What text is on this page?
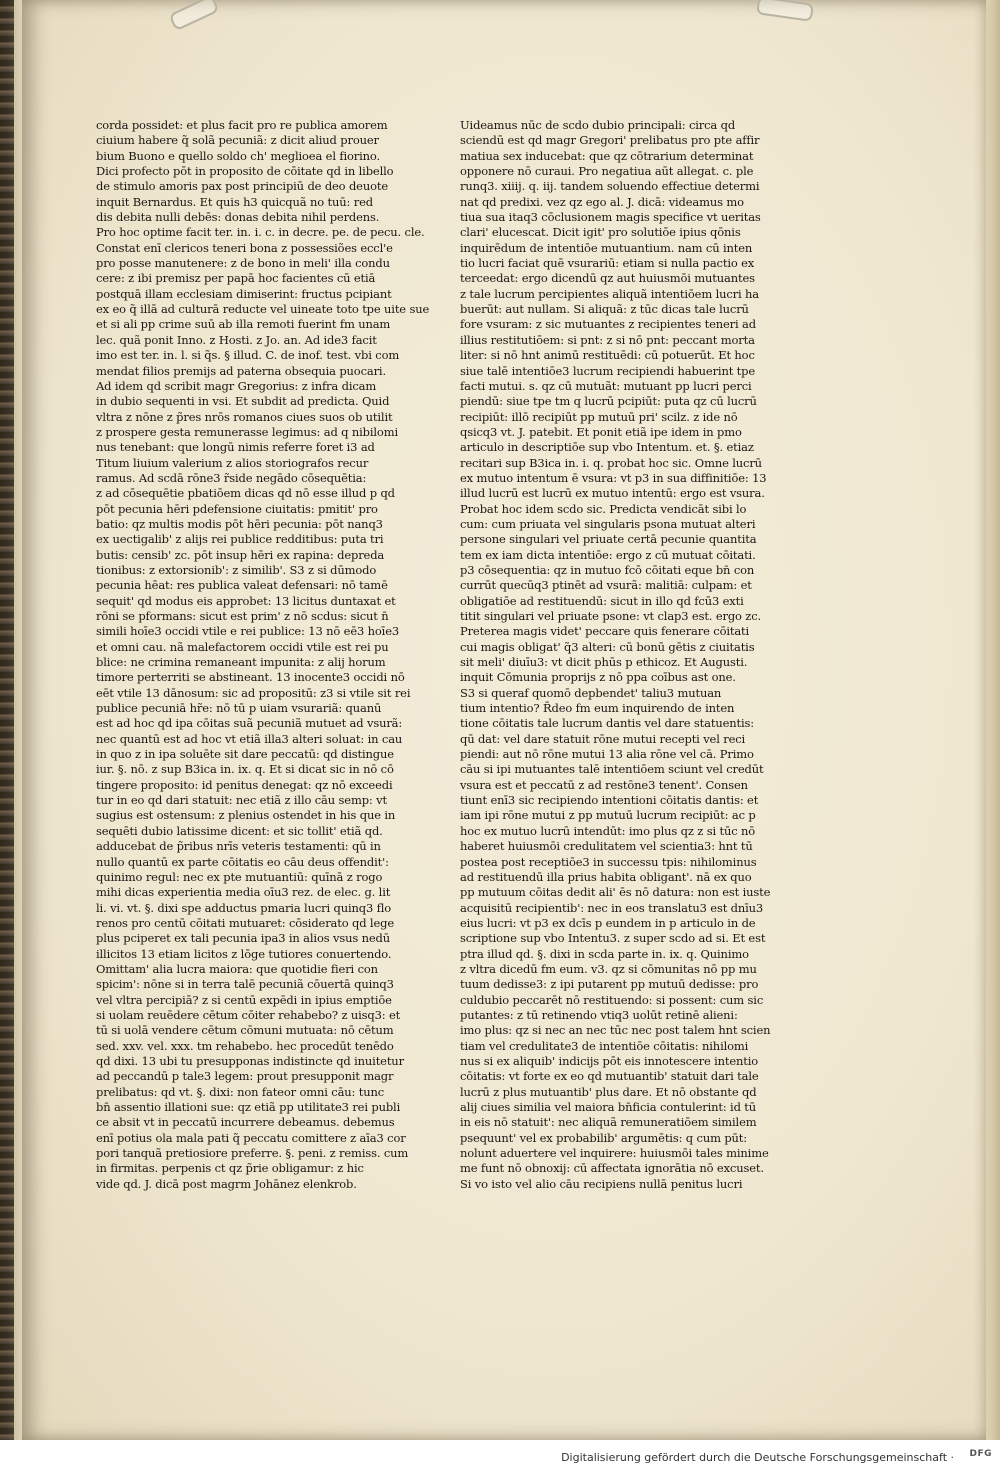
corda possidet: et plus facit pro re publica amorem
ciuium habere q̃ solã pecuniã: z dicit aliud prouer
bium Buono e quello soldo ch' meglioea el fiorino.
Dici profecto pōt in proposito de cōitate qd in libello
de stimulo amoris pax post principiū de deo deuote
inquit Bernardus. Et quis h3 quicquã no tuū: red
dis debita nulli debēs: donas debita nihil perdens.
Pro hoc optime facit ter. in. i. c. in decre. pe. de pecu. cle.
Constat enī clericos teneri bona z possessiões eccl'e
pro posse manutenere: z de bono in meli' illa condu
cere: z ibi premisz per papā hoc facientes cū etiā
postquā illam ecclesiam dimiserint: fructus pcipiant
ex eo q̃ illā ad culturā reducte vel uineate toto tpe uite sue
et si ali pp crime suū ab illa remoti fuerint fm unam
lec. quã ponit Inno. z Hosti. z Jo. an. Ad ide3 facit
imo est ter. in. l. si q̃s. § illud. C. de inof. test. vbi com
mendat filios premijs ad paterna obsequia puocari.
Ad idem qd scribit magr Gregorius: z infra dicam
in dubio sequenti in vsi. Et subdit ad predicta. Quid
vltra z nōne z p̃res nrōs romanos ciues suos ob utilit
z prospere gesta remunerasse legimus: ad q nibilomi
nus tenebant: que longū nimis referre foret i3 ad
Titum liuium valerium z alios storiografos recur
ramus. Ad scdā rōne3 r̃side negādo cōsequētia:
z ad cōsequētie pbatiōem dicas qd nō esse illud p qd
pōt pecunia hēri pdefensione ciuitatis: pmitit' pro
batio: qz multis modis pōt hēri pecunia: pōt nanq3
ex uectigalib' z alijs rei publice redditibus: puta tri
butis: censib' zc. pōt insup hēri ex rapina: depreda
tionibus: z extorsionib': z similib'. S3 z si dūmodo
pecunia hēat: res publica valeat defensari: nō tamē
sequit' qd modus eis approbet: 13 licitus duntaxat et
rōni se pformans: sicut est prim' z nō scdus: sicut n̄
simili hoīe3 occidi vtile e rei publice: 13 nō eē3 hoīe3
et omni cau. nã malefactorem occidi vtile est rei pu
blice: ne crimina remaneant impunita: z alij horum
timore perterriti se abstineant. 13 inocente3 occidi nō
eēt vtile 13 dānosum: sic ad propositū: z3 si vtile sit rei
publice pecuniā hr̃e: nō tū p uiam vsurariã: quanū
est ad hoc qd ipa cōitas suã pecuniã mutuet ad vsurã:
nec quantū est ad hoc vt etiã illa3 alteri soluat: in cau
in quo z in ipa soluēte sit dare peccatū: qd distingue
iur. §. nō. z sup B3ica in. ix. q. Et si dicat sic in nō cō
tingere proposito: id penitus denegat: qz nō exceedi
tur in eo qd dari statuit: nec etiã z illo cāu semp: vt
sugius est ostensum: z plenius ostendet in his que in
sequēti dubio latissime dicent: et sic tollit' etiã qd.
adducebat de p̃ribus nrīs veteris testamenti: qū in
nullo quantū ex parte cōitatis eo cāu deus offendit':
quinimo regul: nec ex pte mutuantiū: quīnā z rogo
mihi dicas experientia media oīu3 rez. de elec. g. lit
li. vi. vt. §. dixi spe adductus pmaria lucri quinq3 flo
renos pro centū cōitati mutuaret: cōsiderato qd lege
plus pciperet ex tali pecunia ipa3 in alios vsus nedū
illicitos 13 etiam licitos z lōge tutiores conuertendo.
Omittam' alia lucra maiora: que quotidie fieri con
spicim': nōne si in terra talē pecuniã cōuertā quinq3
vel vltra percipiā? z si centū expēdi in ipius emptiōe
si uolam reuēdere cētum cōiter rehabebo? z uisq3: et
tū si uolā vendere cētum cōmuni mutuata: nō cētum
sed. xxv. vel. xxx. tm rehabebo. hec procedūt tenēdo
qd dixi. 13 ubi tu presupponas indistincte qd inuitetur
ad peccandū p tale3 legem: prout presupponit magr
prelibatus: qd vt. §. dixi: non fateor omni cāu: tunc
bn̄ assentio illationi sue: qz etiã pp utilitate3 rei publi
ce absit vt in peccatū incurrere debeamus. debemus
enī potius ola mala pati q̃ peccatu comittere z aīa3 cor
pori tanquã pretiosiore preferre. §. peni. z remiss. cum
in firmitas. perpenis ct qz p̃rie obligamur: z hic
vide qd. J. dicā post magrm Johānez elenkrob.
Uideamus nūc de scdo dubio principali: circa qd
sciendū est qd magr Gregori' prelibatus pro pte affir
matiua sex inducebat: que qz cōtrarium determinat
opponere nō curaui. Pro negatiua aūt allegat. c. ple
runq3. xiiij. q. iij. tandem soluendo effectiue determi
nat qd predixi. vez qz ego al. J. dicā: videamus mo
tiua sua itaq3 cōclusionem magis specifice vt ueritas
clari' elucescat. Dicit igit' pro solutiōe ipius qōnis
inquirēdum de intentiōe mutuantium. nam cū inten
tio lucri faciat quē vsurariū: etiam si nulla pactio ex
terceedat: ergo dicendū qz aut huiusmōi mutuantes
z tale lucrum percipientes aliquã intentiōem lucri ha
buerūt: aut nullam. Si aliquã: z tūc dicas tale lucrū
fore vsuram: z sic mutuantes z recipientes teneri ad
illius restitutiōem: si pnt: z si nō pnt: peccant morta
liter: si nō hnt animū restituēdi: cū potuerūt. Et hoc
siue talē intentiōe3 lucrum recipiendi habuerint tpe
facti mutui. s. qz cū mutuãt: mutuant pp lucri perci
piendū: siue tpe tm q lucrū pcipiūt: puta qz cū lucrū
recipiūt: illō recipiūt pp mutuū pri' scilz. z ide nō
qsicq3 vt. J. patebit. Et ponit etiã ipe idem in pmo
articulo in descriptiōe sup vbo Intentum. et. §. etiaz
recitari sup B3ica in. i. q. probat hoc sic. Omne lucrū
ex mutuo intentum ē vsura: vt p3 in sua diffinitiōe: 13
illud lucrū est lucrū ex mutuo intentū: ergo est vsura.
Probat hoc idem scdo sic. Predicta vendicāt sibi lo
cum: cum priuata vel singularis psona mutuat alteri
persone singulari vel priuate certā pecunie quantita
tem ex iam dicta intentiōe: ergo z cū mutuat cōitati.
p3 cōsequentia: qz in mutuo fcō cōitati eque bn̄ con
currūt quecūq3 ptinēt ad vsurã: malitiā: culpam: et
obligatiōe ad restituendū: sicut in illo qd fcū3 exti
titit singulari vel priuate psone: vt clap3 est. ergo zc.
Preterea magis videt' peccare quis fenerare cōitati
cui magis obligat' q̃3 alteri: cū bonū gētis z ciuitatis
sit meli' diuīu3: vt dicit phūs p ethicoz. Et Augusti.
inquit Cōmunia proprijs z nō ppa coībus ast one.
S3 si queraf quomō depbendet' taliu3 mutuan
tium intentio? R̄deo fm eum inquirendo de inten
tione cōitatis tale lucrum dantis vel dare statuentis:
qū dat: vel dare statuit rōne mutui recepti vel reci
piendi: aut nō rōne mutui 13 alia rōne vel cā. Primo
cāu si ipi mutuantes talē intentiōem sciunt vel credūt
vsura est et peccatū z ad restōne3 tenent'. Consen
tiunt enī3 sic recipiendo intentioni cōitatis dantis: et
iam ipi rōne mutui z pp mutuū lucrum recipiūt: ac p
hoc ex mutuo lucrū intendūt: imo plus qz z si tūc nō
haberet huiusmōi credulitatem vel scientia3: hnt tū
postea post receptiōe3 in successu tpis: nihilominus
ad restituendū illa prius habita obligant'. nā ex quo
pp mutuum cōitas dedit ali' ēs nō datura: non est iuste
acquisitū recipientib': nec in eos translatu3 est dnīu3
eius lucri: vt p3 ex dcīs p eundem in p articulo in de
scriptione sup vbo Intentu3. z super scdo ad si. Et est
ptra illud qd. §. dixi in scda parte in. ix. q. Quinimo
z vltra dicedū fm eum. v3. qz si cōmunitas nō pp mu
tuum dedisse3: z ipi putarent pp mutuū dedisse: pro
culdubio peccarēt nō restituendo: si possent: cum sic
putantes: z tū retinendo vtiq3 uolūt retinē alieni:
imo plus: qz si nec an nec tūc nec post talem hnt scien
tiam vel credulitate3 de intentiōe cōitatis: nihilomi
nus si ex aliquib' indicijs pōt eis innotescere intentio
cōitatis: vt forte ex eo qd mutuantib' statuit dari tale
lucrū z plus mutuantib' plus dare. Et nō obstante qd
alij ciues similia vel maiora bn̄ficia contulerint: id tū
in eis nō statuit': nec aliquã remuneratiōem similem
psequunt' vel ex probabilib' argumētis: q cum pūt:
nolunt aduertere vel inquirere: huiusmōi tales minime
me funt nō obnoxij: cū affectata ignorātia nō excuset.
Si vo isto vel alio cāu recipiens nullā penitus lucri
Digitalisierung gefördert durch die Deutsche Forschungsgemeinschaft · DFG
